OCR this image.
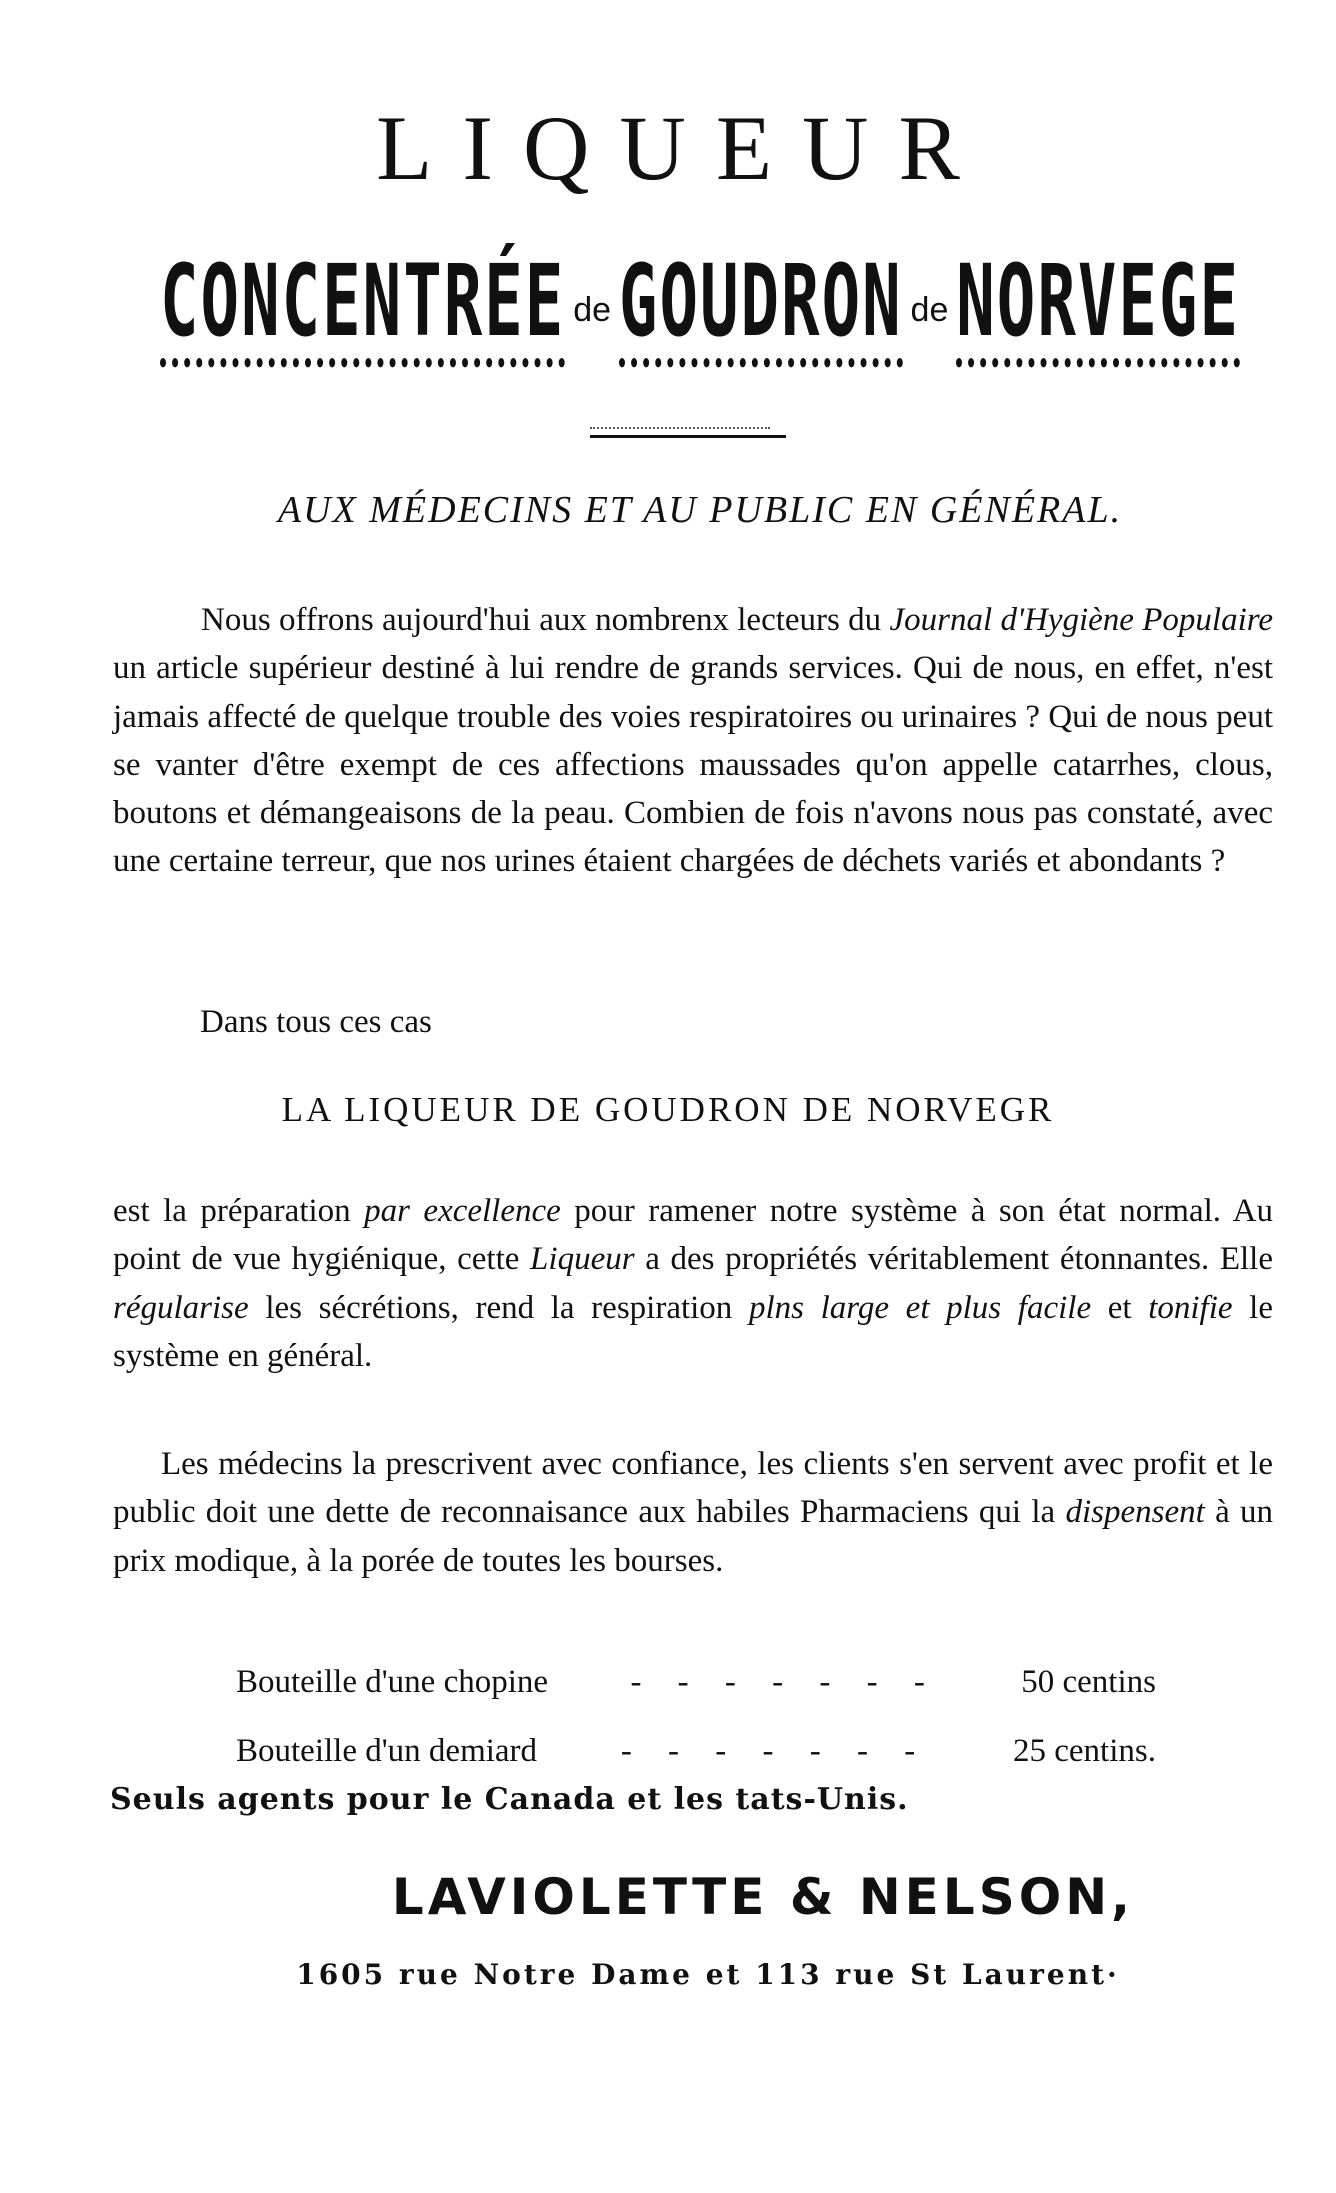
LIQUEUR
CONCENTRÉE de GOUDRON de NORVEGE
AUX MÉDECINS ET AU PUBLIC EN GÉNÉRAL.
Nous offrons aujourd'hui aux nombrenx lecteurs du Journal d'Hygiène Populaire un article supérieur destiné à lui rendre de grands services. Qui de nous, en effet, n'est jamais affecté de quelque trouble des voies respiratoires ou urinaires ? Qui de nous peut se vanter d'être exempt de ces affections maussades qu'on appelle catarrhes, clous, boutons et démangeaisons de la peau. Combien de fois n'avons nous pas constaté, avec une certaine terreur, que nos urines étaient chargées de déchets variés et abondants ?
Dans tous ces cas
LA LIQUEUR DE GOUDRON DE NORVEGR
est la préparation par excellence pour ramener notre système à son état normal. Au point de vue hygiénique, cette Liqueur a des propriétés véritablement étonnantes. Elle régularise les sécrétions, rend la respiration plns large et plus facile et tonifie le système en général.
Les médecins la prescrivent avec confiance, les clients s'en servent avec profit et le public doit une dette de reconnaisance aux habiles Pharmaciens qui la dispensent à un prix modique, à la porée de toutes les bourses.
Bouteille d'une chopine	- - - - - - -	50 centins
Bouteille d'un demiard	- - - - - - -	25 centins.
Seuls agents pour le Canada et les tats-Unis.
LAVIOLETTE & NELSON,
1605 rue Notre Dame et 113 rue St Laurent·
